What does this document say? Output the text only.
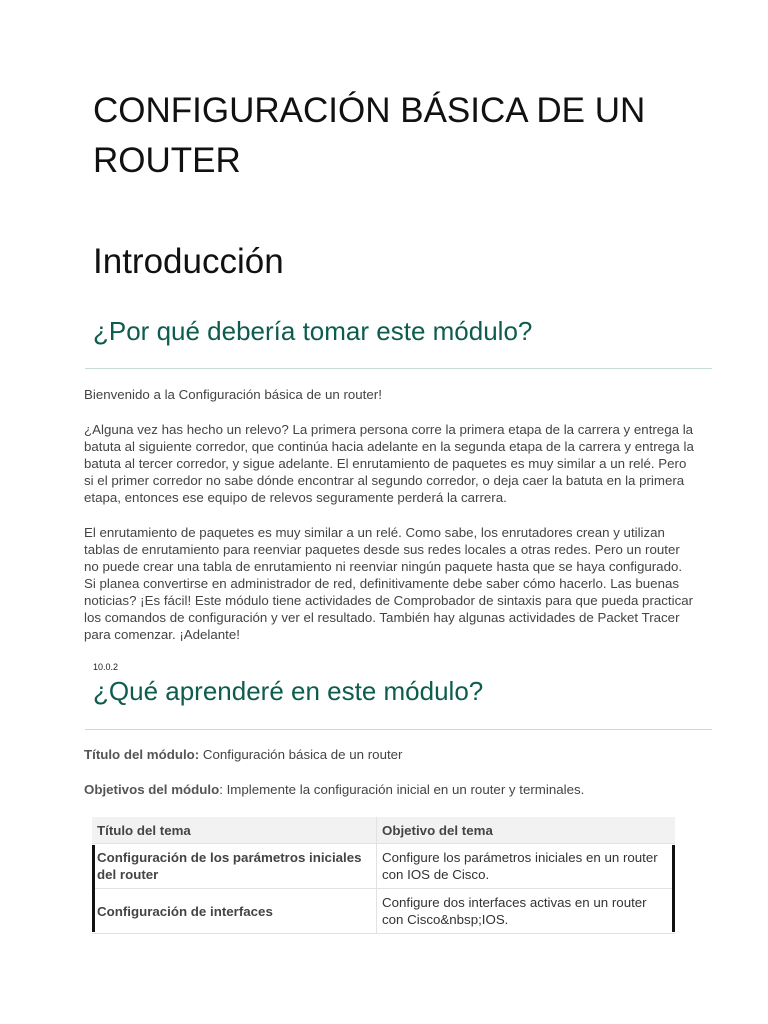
CONFIGURACIÓN BÁSICA DE UN ROUTER
Introducción
¿Por qué debería tomar este módulo?

Bienvenido a la Configuración básica de un router!

¿Alguna vez has hecho un relevo? La primera persona corre la primera etapa de la carrera y entrega la batuta al siguiente corredor, que continúa hacia adelante en la segunda etapa de la carrera y entrega la batuta al tercer corredor, y sigue adelante. El enrutamiento de paquetes es muy similar a un relé. Pero si el primer corredor no sabe dónde encontrar al segundo corredor, o deja caer la batuta en la primera etapa, entonces ese equipo de relevos seguramente perderá la carrera.

El enrutamiento de paquetes es muy similar a un relé. Como sabe, los enrutadores crean y utilizan tablas de enrutamiento para reenviar paquetes desde sus redes locales a otras redes. Pero un router no puede crear una tabla de enrutamiento ni reenviar ningún paquete hasta que se haya configurado. Si planea convertirse en administrador de red, definitivamente debe saber cómo hacerlo. Las buenas noticias? ¡Es fácil! Este módulo tiene actividades de Comprobador de sintaxis para que pueda practicar los comandos de configuración y ver el resultado. También hay algunas actividades de Packet Tracer para comenzar. ¡Adelante!

10.0.2
¿Qué aprenderé en este módulo?

Título del módulo: Configuración básica de un router

Objetivos del módulo: Implemente la configuración inicial en un router y terminales.

Título del tema	Objetivo del tema
Configuración de los parámetros iniciales del router	Configure los parámetros iniciales en un router con IOS de Cisco.
Configuración de interfaces	Configure dos interfaces activas en un router con Cisco&nbsp;IOS.
